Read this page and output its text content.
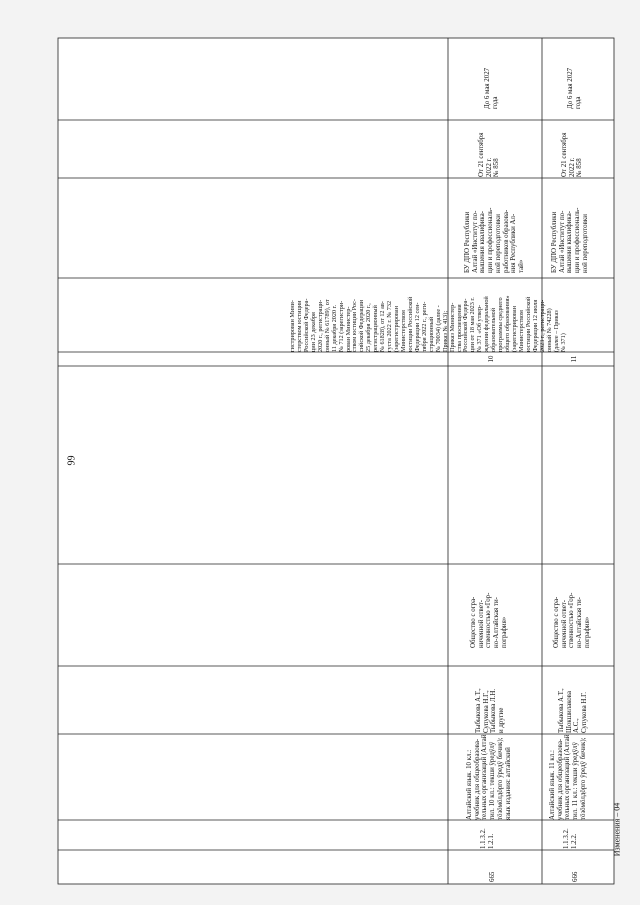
99
гистрирован Мини-
стерством юстиции
Российской Федера-
ции 23 декабря
2020 г., регистраци-
онный № 61789), от
11 декабря 2020 г.
№ 712 (зарегистри-
рован Министер-
ством юстиции Рос-
сийской Федерации
25 декабря 2020 г.,
регистрационный
№ 61828), от 12 ав-
густа 2022 г. № 732
(зарегистрирован
Министерством
юстиции Российской
Федерации 12 сен-
тября 2022 г., реги-
страционный
№ 70034) (далее -
Приказ № 413);
Приказ Министер-
ства просвещения
Российской Федера-
ции от 18 мая 2023 г.
№ 371 «Об утвер-
ждении федеральной
образовательной
программы среднего
общего образования»
(зарегистрирован
Министерством
юстиции Российской
Федерации 12 июля
2023 г., регистраци-
онный № 74228)
(далее – Приказ
№ 371)
10
665
1.1.3.2.
1.2.1.
Алтайский язык. 10 кл.:
учебник для общеобразова-
тельных организаций (Алтай
тил. 10 кл.: текши ӱредӱлӱ
тöзöмöлдöрго ӱредӱ бичик);
язык издания: алтайский
Тыбыкова А.Т.,
Супукова Н.Г.,
Тыбыкова Л.Н.
и другие
Общество с огра-
ниченной ответ-
ственностью «Гор-
но-Алтайская ти-
пография»
БУ ДПО Республики
Алтай «Институт по-
вышения квалифика-
ции и профессиональ-
ной переподготовки
работников образова-
ния Республики Ал-
тай»
От 21 сентября
2022 г.
№ 858
До 6 мая 2027
года
666
1.1.3.2.
1.2.2.
Алтайский язык. 11 кл.:
учебник для общеобразова-
тельных организаций (Алтай
тил. 11 кл.: текши ӱредӱлӱ
тöзöмöлдöрго ӱредӱ бичик);
Тыбыкова А.Т.,
Шокшилакова
А.С.,
Супукова Н.Г.
Общество с огра-
ниченной ответ-
ственностью «Гор-
но-Алтайская ти-
пография»
11
БУ ДПО Республики
Алтай «Институт по-
вышения квалифика-
ции и профессиональ-
ной переподготовки
От 21 сентября
2022 г.
№ 858
До 6 мая 2027
года
Изменения – 04
